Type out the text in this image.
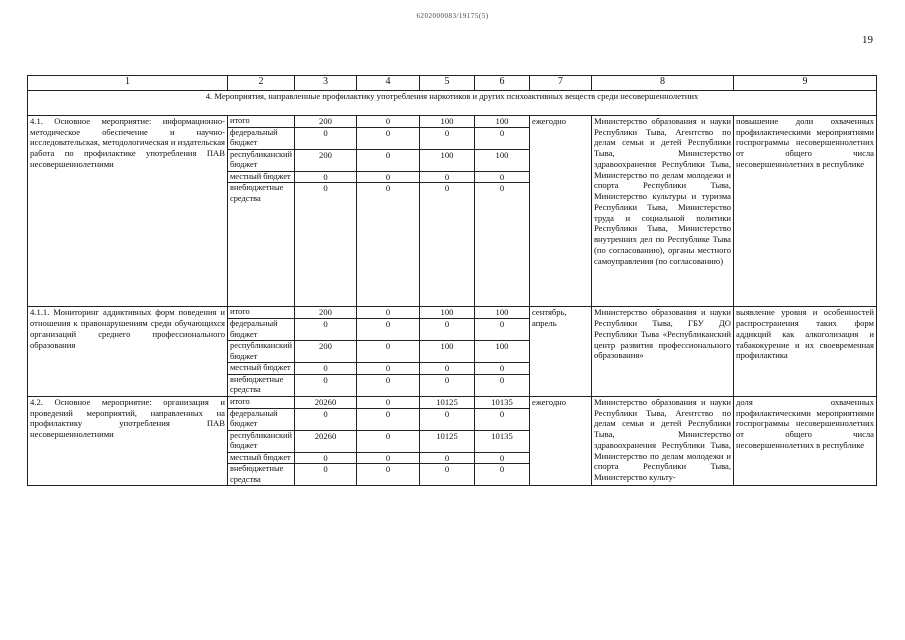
6202000083/19175(5)
19
1	2	3	4	5	6	7	8	9
4. Мероприятия, направленные профилактику употребления наркотиков и других психоактивных веществ среди несовершеннолетних								
4.1. Основное мероприятие: информационно-методическое обеспечение и научно-исследовательская, методологическая и издательская работа по профилактике употребления ПАВ несовершеннолетними	итого	200	0	100	100	ежегодно	Министерство образования и науки Республики Тыва, Агентство по делам семьи и детей Республики Тыва, Министерство здравоохранения Республики Тыва, Министерство по делам молодежи и спорта Республики Тыва, Министерство культуры и туризма Республики Тыва, Министерство труда и социальной политики Республики Тыва, Министерство внутренних дел по Республике Тыва (по согласованию), органы местного самоуправления (по согласованию)	повышение доли охваченных профилактическими мероприятиями госпрограммы несовершеннолетних от общего числа несовершеннолетних в республике
	федеральный бюджет	0	0	0	0			
	республиканский бюджет	200	0	100	100			
	местный бюджет	0	0	0	0			
	внебюджетные средства	0	0	0	0			
4.1.1. Мониторинг аддиктивных форм поведения и отношения к правонарушениям среди обучающихся организаций среднего профессионального образования	итого	200	0	100	100	сентябрь, апрель	Министерство образования и науки Республики Тыва, ГБУ ДО Республики Тыва «Республиканский центр развития профессионального образования»	выявление уровня и особенностей распространения таких форм аддикций как алкоголизация и табакокурение и их своевременная профилактика
	федеральный бюджет	0	0	0	0			
	республиканский бюджет	200	0	100	100			
	местный бюджет	0	0	0	0			
	внебюджетные средства	0	0	0	0			
4.2. Основное мероприятие: организация и проведений мероприятий, направленных на профилактику употребления ПАВ несовершеннолетними	итого	20260	0	10125	10135	ежегодно	Министерство образования и науки Республики Тыва, Агентство по делам семьи и детей Республики Тыва, Министерство здравоохранения Республики Тыва, Министерство по делам молодежи и спорта Республики Тыва, Министерство культу-	доля охваченных профилактическими мероприятиями госпрограммы несовершеннолетних от общего числа несовершеннолетних в республике
	федеральный бюджет	0	0	0	0			
	республиканский бюджет	20260	0	10125	10135			
	местный бюджет	0	0	0	0			
	внебюджетные средства	0	0	0	0			
